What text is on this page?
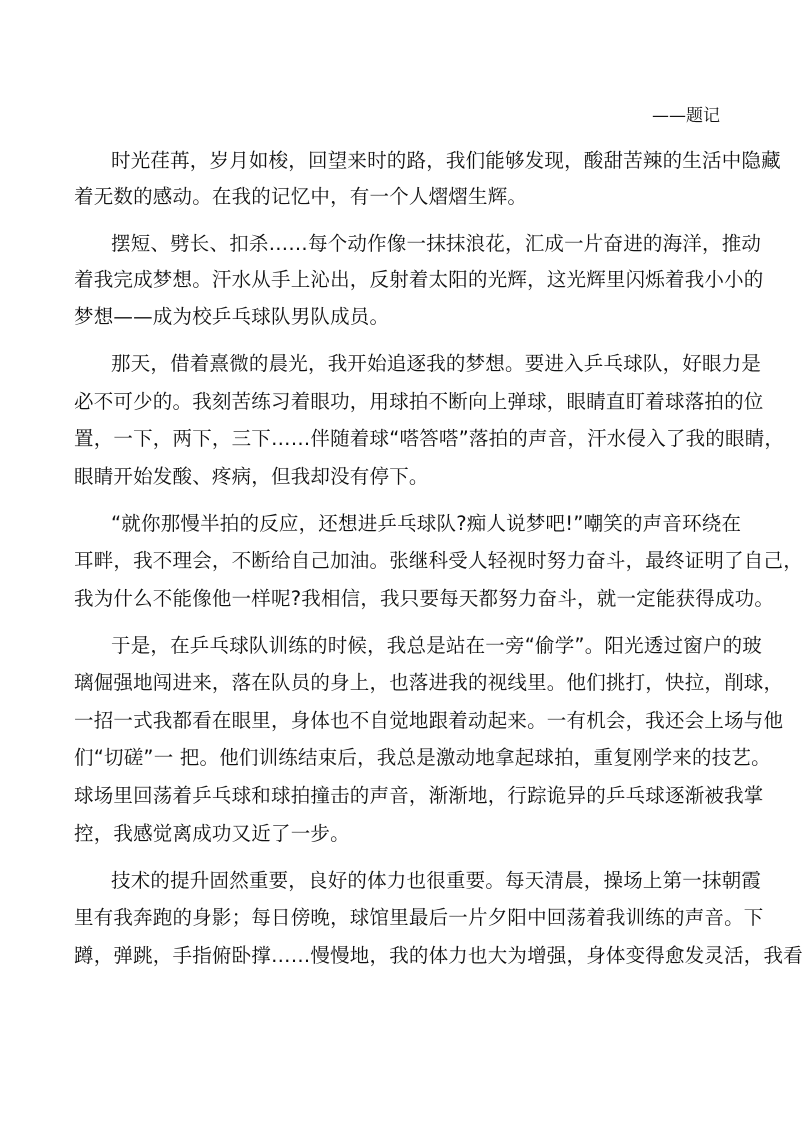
——题记
时光荏苒，岁月如梭，回望来时的路，我们能够发现，酸甜苦辣的生活中隐藏
着无数的感动。在我的记忆中，有一个人熠熠生辉。
摆短、劈长、扣杀……每个动作像一抹抹浪花，汇成一片奋进的海洋，推动
着我完成梦想。汗水从手上沁出，反射着太阳的光辉，这光辉里闪烁着我小小的
梦想——成为校乒乓球队男队成员。
那天，借着熹微的晨光，我开始追逐我的梦想。要进入乒乓球队，好眼力是
必不可少的。我刻苦练习着眼功，用球拍不断向上弹球，眼睛直盯着球落拍的位
置，一下，两下，三下……伴随着球“嗒答嗒”落拍的声音，汗水侵入了我的眼睛，
眼睛开始发酸、疼病，但我却没有停下。
“就你那慢半拍的反应，还想进乒乓球队?痴人说梦吧!”嘲笑的声音环绕在
耳畔，我不理会，不断给自己加油。张继科受人轻视时努力奋斗，最终证明了自己，
我为什么不能像他一样呢?我相信，我只要每天都努力奋斗，就一定能获得成功。
于是，在乒乓球队训练的时候，我总是站在一旁“偷学”。阳光透过窗户的玻
璃倔强地闯进来，落在队员的身上，也落进我的视线里。他们挑打，快拉，削球，
一招一式我都看在眼里，身体也不自觉地跟着动起来。一有机会，我还会上场与他
们“切磋”一 把。他们训练结束后，我总是激动地拿起球拍，重复刚学来的技艺。
球场里回荡着乒乓球和球拍撞击的声音，渐渐地，行踪诡异的乒乓球逐渐被我掌
控，我感觉离成功又近了一步。
技术的提升固然重要，良好的体力也很重要。每天清晨，操场上第一抹朝霞
里有我奔跑的身影；每日傍晚，球馆里最后一片夕阳中回荡着我训练的声音。下
蹲，弹跳，手指俯卧撑……慢慢地，我的体力也大为增强，身体变得愈发灵活，我看
